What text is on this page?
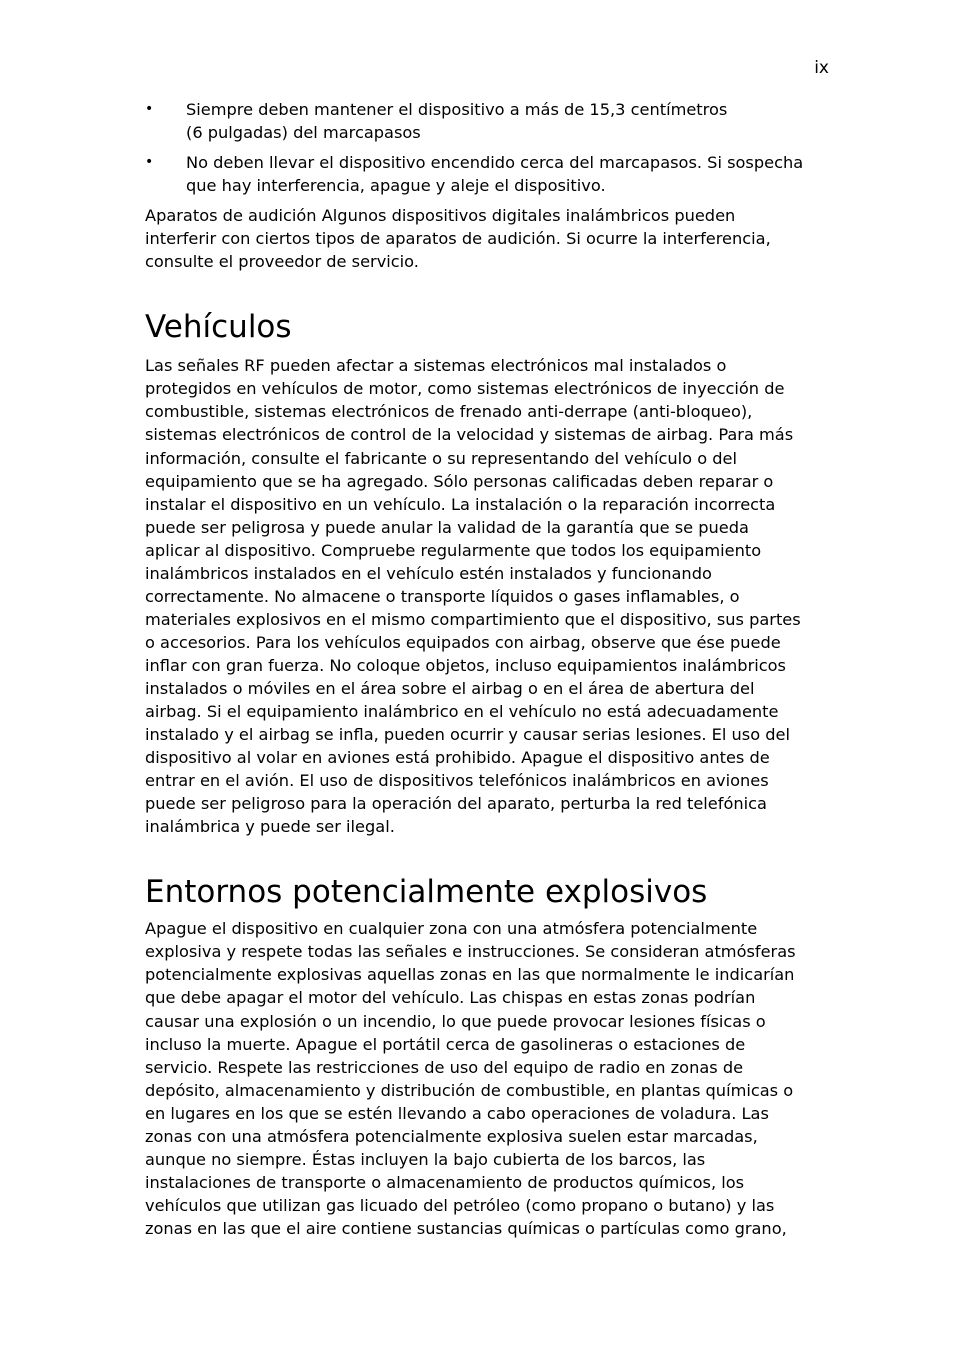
ix
• Siempre deben mantener el dispositivo a más de 15,3 centímetros
(6 pulgadas) del marcapasos
• No deben llevar el dispositivo encendido cerca del marcapasos. Si sospecha
que hay interferencia, apague y aleje el dispositivo.

Aparatos de audición Algunos dispositivos digitales inalámbricos pueden
interferir con ciertos tipos de aparatos de audición. Si ocurre la interferencia,
consulte el proveedor de servicio.

Vehículos

Las señales RF pueden afectar a sistemas electrónicos mal instalados o
protegidos en vehículos de motor, como sistemas electrónicos de inyección de
combustible, sistemas electrónicos de frenado anti-derrape (anti-bloqueo),
sistemas electrónicos de control de la velocidad y sistemas de airbag. Para más
información, consulte el fabricante o su representando del vehículo o del
equipamiento que se ha agregado. Sólo personas calificadas deben reparar o
instalar el dispositivo en un vehículo. La instalación o la reparación incorrecta
puede ser peligrosa y puede anular la validad de la garantía que se pueda
aplicar al dispositivo. Compruebe regularmente que todos los equipamiento
inalámbricos instalados en el vehículo estén instalados y funcionando
correctamente. No almacene o transporte líquidos o gases inflamables, o
materiales explosivos en el mismo compartimiento que el dispositivo, sus partes
o accesorios. Para los vehículos equipados con airbag, observe que ése puede
inflar con gran fuerza. No coloque objetos, incluso equipamientos inalámbricos
instalados o móviles en el área sobre el airbag o en el área de abertura del
airbag. Si el equipamiento inalámbrico en el vehículo no está adecuadamente
instalado y el airbag se infla, pueden ocurrir y causar serias lesiones. El uso del
dispositivo al volar en aviones está prohibido. Apague el dispositivo antes de
entrar en el avión. El uso de dispositivos telefónicos inalámbricos en aviones
puede ser peligroso para la operación del aparato, perturba la red telefónica
inalámbrica y puede ser ilegal.

Entornos potencialmente explosivos

Apague el dispositivo en cualquier zona con una atmósfera potencialmente
explosiva y respete todas las señales e instrucciones. Se consideran atmósferas
potencialmente explosivas aquellas zonas en las que normalmente le indicarían
que debe apagar el motor del vehículo. Las chispas en estas zonas podrían
causar una explosión o un incendio, lo que puede provocar lesiones físicas o
incluso la muerte. Apague el portátil cerca de gasolineras o estaciones de
servicio. Respete las restricciones de uso del equipo de radio en zonas de
depósito, almacenamiento y distribución de combustible, en plantas químicas o
en lugares en los que se estén llevando a cabo operaciones de voladura. Las
zonas con una atmósfera potencialmente explosiva suelen estar marcadas,
aunque no siempre. Éstas incluyen la bajo cubierta de los barcos, las
instalaciones de transporte o almacenamiento de productos químicos, los
vehículos que utilizan gas licuado del petróleo (como propano o butano) y las
zonas en las que el aire contiene sustancias químicas o partículas como grano,
